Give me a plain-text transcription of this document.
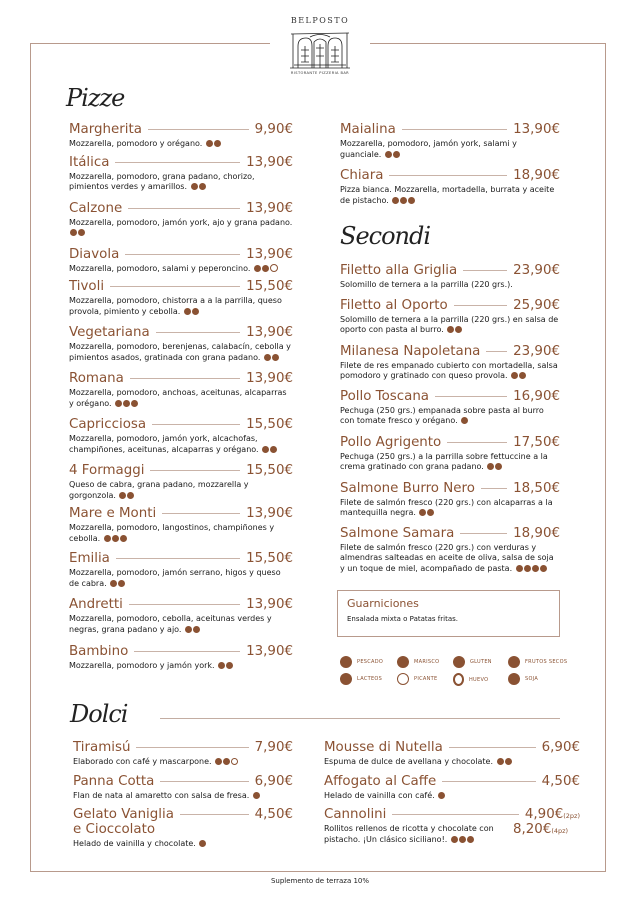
BELPOSTO
RISTORANTE PIZZERIA BAR
Pizze
Secondi
Dolci
Margherita	9,90€
Mozzarella, pomodoro y orégano.
Itálica	13,90€
Mozzarella, pomodoro, grana padano, chorizo, pimientos verdes y amarillos.
Calzone	13,90€
Mozzarella, pomodoro, jamón york, ajo y grana padano.
Diavola	13,90€
Mozzarella, pomodoro, salami y peperoncino.
Tivoli	15,50€
Mozzarella, pomodoro, chistorra a a la parrilla, queso provola, pimiento y cebolla.
Vegetariana	13,90€
Mozzarella, pomodoro, berenjenas, calabacín, cebolla y pimientos asados, gratinada con grana padano.
Romana	13,90€
Mozzarella, pomodoro, anchoas, aceitunas, alcaparras y orégano.
Capricciosa	15,50€
Mozzarella, pomodoro, jamón york, alcachofas, champiñones, aceitunas, alcaparras y orégano.
4 Formaggi	15,50€
Queso de cabra, grana padano, mozzarella y gorgonzola.
Mare e Monti	13,90€
Mozzarella, pomodoro, langostinos, champiñones y cebolla.
Emilia	15,50€
Mozzarella, pomodoro, jamón serrano, higos y queso de cabra.
Andretti	13,90€
Mozzarella, pomodoro, cebolla, aceitunas verdes y negras, grana padano y ajo.
Bambino	13,90€
Mozzarella, pomodoro y jamón york.
Maialina	13,90€
Mozzarella, pomodoro, jamón york, salami y guanciale.
Chiara	18,90€
Pizza bianca. Mozzarella, mortadella, burrata y aceite de pistacho.
Filetto alla Griglia	23,90€
Solomillo de ternera a la parrilla (220 grs.).
Filetto al Oporto	25,90€
Solomillo de ternera a la parrilla (220 grs.) en salsa de oporto con pasta al burro.
Milanesa Napoletana 23,90€
Filete de res empanado cubierto con mortadella, salsa pomodoro y gratinado con queso provola.
Pollo Toscana	16,90€
Pechuga (250 grs.) empanada sobre pasta al burro con tomate fresco y orégano.
Pollo Agrigento	17,50€
Pechuga (250 grs.) a la parrilla sobre fettuccine a la crema gratinado con grana padano.
Salmone Burro Nero	18,50€
Filete de salmón fresco (220 grs.) con alcaparras a la mantequilla negra.
Salmone Samara	18,90€
Filete de salmón fresco (220 grs.) con verduras y almendras salteadas en aceite de oliva, salsa de soja y un toque de miel, acompañado de pasta.
Guarniciones
Ensalada mixta o Patatas fritas.
PESCADO	MARISCO	GLUTEN	FRUTOS SECOS
LACTEOS	PICANTE	HUEVO	SOJA
Tiramisú	7,90€
Elaborado con café y mascarpone.
Panna Cotta	6,90€
Flan de nata al amaretto con salsa de fresa.
Gelato Vaniglia	4,50€
e Cioccolato
Helado de vainilla y chocolate.
Mousse di Nutella	6,90€
Espuma de dulce de avellana y chocolate.
Affogato al Caffe	4,50€
Helado de vainilla con café.
Cannolini	4,90€ (2pz)
Rollitos rellenos de ricotta y chocolate con pistacho. ¡Un clásico siciliano!.
8,20€(4pz)
Suplemento de terraza 10%
